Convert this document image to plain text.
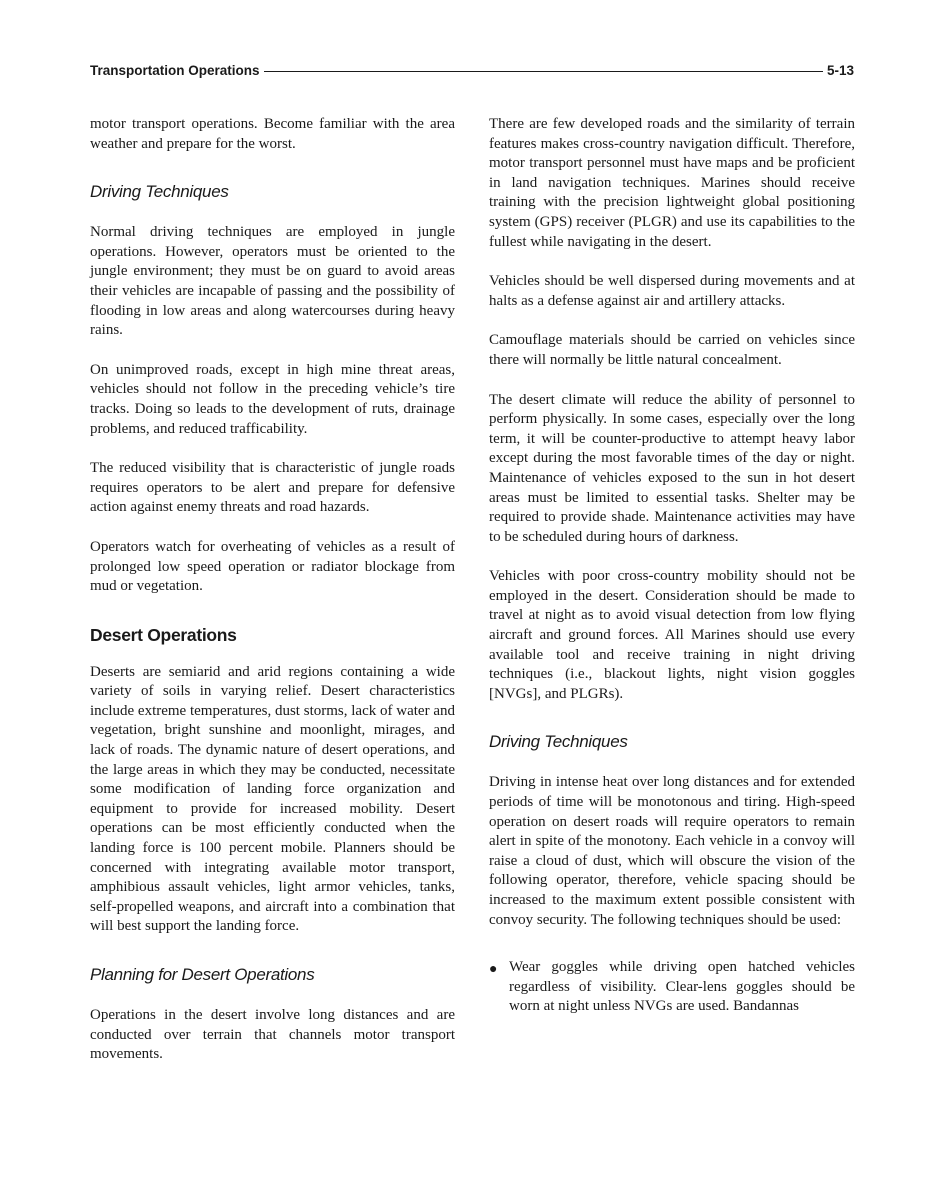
Transportation Operations	5-13

motor transport operations. Become familiar with the area weather and prepare for the worst.

Driving Techniques

Normal driving techniques are employed in jungle operations. However, operators must be oriented to the jungle environment; they must be on guard to avoid areas their vehicles are incapable of passing and the possibility of flooding in low areas and along watercourses during heavy rains.

On unimproved roads, except in high mine threat areas, vehicles should not follow in the preceding vehicle’s tire tracks. Doing so leads to the development of ruts, drainage problems, and reduced trafficability.

The reduced visibility that is characteristic of jungle roads requires operators to be alert and prepare for defensive action against enemy threats and road hazards.

Operators watch for overheating of vehicles as a result of prolonged low speed operation or radiator blockage from mud or vegetation.

Desert Operations

Deserts are semiarid and arid regions containing a wide variety of soils in varying relief. Desert characteristics include extreme temperatures, dust storms, lack of water and vegetation, bright sunshine and moonlight, mirages, and lack of roads. The dynamic nature of desert operations, and the large areas in which they may be conducted, necessitate some modification of landing force organization and equipment to provide for increased mobility. Desert operations can be most efficiently conducted when the landing force is 100 percent mobile. Planners should be concerned with integrating available motor transport, amphibious assault vehicles, light armor vehicles, tanks, self-propelled weapons, and aircraft into a combination that will best support the landing force.

Planning for Desert Operations

Operations in the desert involve long distances and are conducted over terrain that channels motor transport movements.

There are few developed roads and the similarity of terrain features makes cross-country navigation difficult. Therefore, motor transport personnel must have maps and be proficient in land navigation techniques. Marines should receive training with the precision lightweight global positioning system (GPS) receiver (PLGR) and use its capabilities to the fullest while navigating in the desert.

Vehicles should be well dispersed during movements and at halts as a defense against air and artillery attacks.

Camouflage materials should be carried on vehicles since there will normally be little natural concealment.

The desert climate will reduce the ability of personnel to perform physically. In some cases, especially over the long term, it will be counter-productive to attempt heavy labor except during the most favorable times of the day or night. Maintenance of vehicles exposed to the sun in hot desert areas must be limited to essential tasks. Shelter may be required to provide shade. Maintenance activities may have to be scheduled during hours of darkness.

Vehicles with poor cross-country mobility should not be employed in the desert. Consideration should be made to travel at night as to avoid visual detection from low flying aircraft and ground forces. All Marines should use every available tool and receive training in night driving techniques (i.e., blackout lights, night vision goggles [NVGs], and PLGRs).

Driving Techniques

Driving in intense heat over long distances and for extended periods of time will be monotonous and tiring. High-speed operation on desert roads will require operators to remain alert in spite of the monotony. Each vehicle in a convoy will raise a cloud of dust, which will obscure the vision of the following operator, therefore, vehicle spacing should be increased to the maximum extent possible consistent with convoy security. The following techniques should be used:

● Wear goggles while driving open hatched vehicles regardless of visibility. Clear-lens goggles should be worn at night unless NVGs are used. Bandannas
